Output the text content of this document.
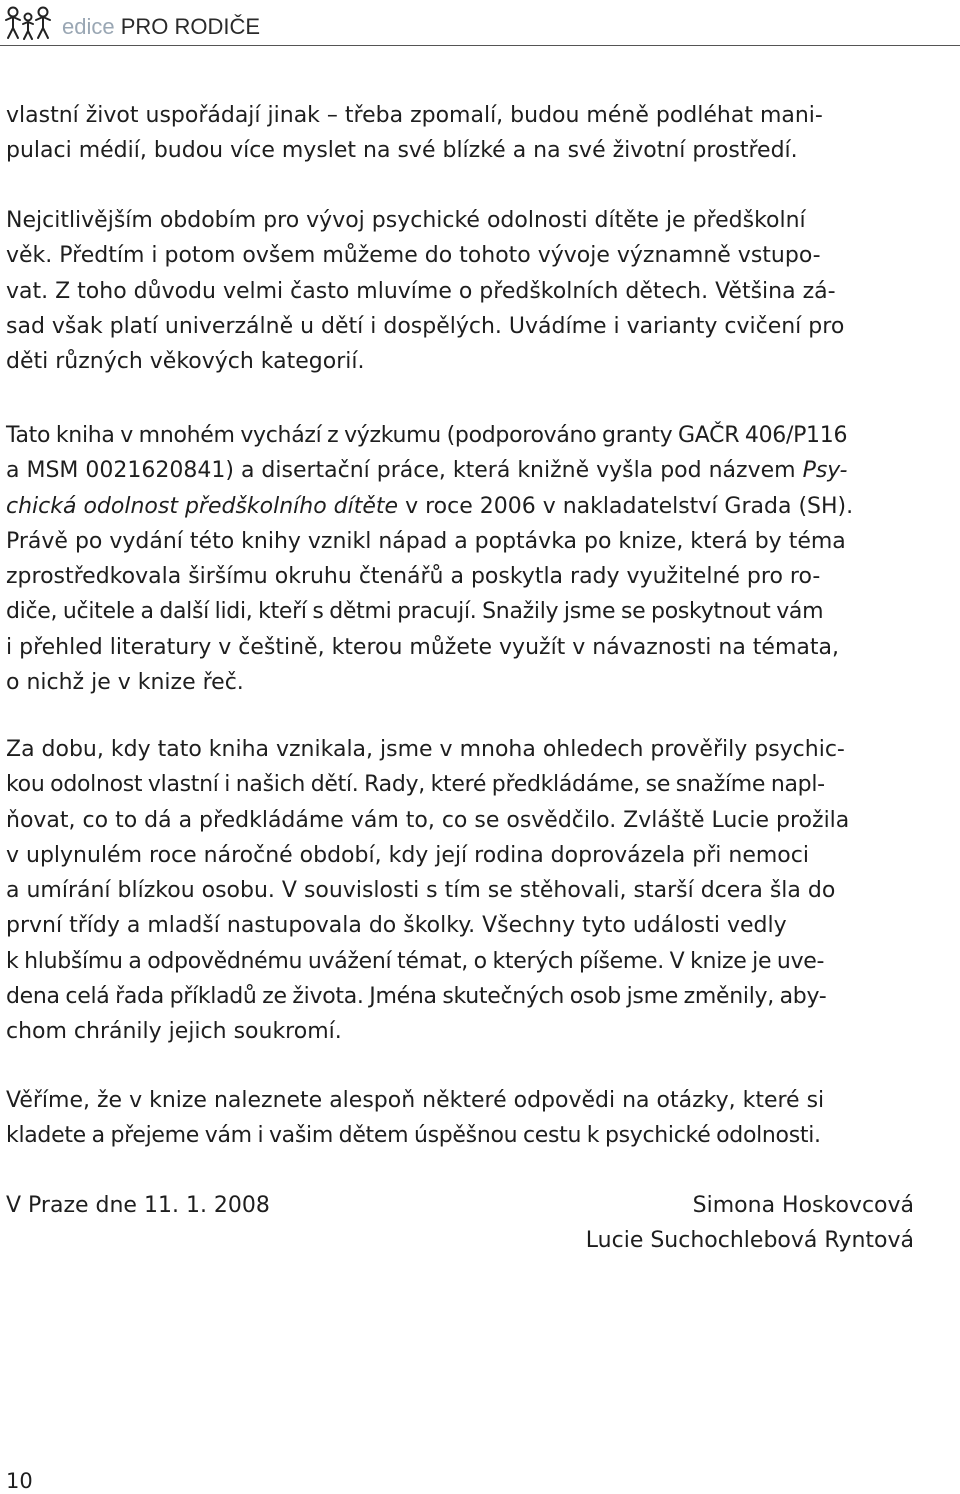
edice PRO RODIČE

vlastní život uspořádají jinak – třeba zpomalí, budou méně podléhat mani-
pulaci médií, budou více myslet na své blízké a na své životní prostředí.

Nejcitlivějším obdobím pro vývoj psychické odolnosti dítěte je předškolní
věk. Předtím i potom ovšem můžeme do tohoto vývoje významně vstupo-
vat. Z toho důvodu velmi často mluvíme o předškolních dětech. Většina zá-
sad však platí univerzálně u dětí i dospělých. Uvádíme i varianty cvičení pro
děti různých věkových kategorií.

Tato kniha v mnohém vychází z výzkumu (podporováno granty GAČR 406/P116
a MSM 0021620841) a disertační práce, která knižně vyšla pod názvem Psy-
chická odolnost předškolního dítěte v roce 2006 v nakladatelství Grada (SH).
Právě po vydání této knihy vznikl nápad a poptávka po knize, která by téma
zprostředkovala širšímu okruhu čtenářů a poskytla rady využitelné pro ro-
diče, učitele a další lidi, kteří s dětmi pracují. Snažily jsme se poskytnout vám
i přehled literatury v češtině, kterou můžete využít v návaznosti na témata,
o nichž je v knize řeč.

Za dobu, kdy tato kniha vznikala, jsme v mnoha ohledech prověřily psychic-
kou odolnost vlastní i našich dětí. Rady, které předkládáme, se snažíme napl-
ňovat, co to dá a předkládáme vám to, co se osvědčilo. Zvláště Lucie prožila
v uplynulém roce náročné období, kdy její rodina doprovázela při nemoci
a umírání blízkou osobu. V souvislosti s tím se stěhovali, starší dcera šla do
první třídy a mladší nastupovala do školky. Všechny tyto události vedly
k hlubšímu a odpovědnému uvážení témat, o kterých píšeme. V knize je uve-
dena celá řada příkladů ze života. Jména skutečných osob jsme změnily, aby-
chom chránily jejich soukromí.

Věříme, že v knize naleznete alespoň některé odpovědi na otázky, které si
kladete a přejeme vám i vašim dětem úspěšnou cestu k psychické odolnosti.

V Praze dne 11. 1. 2008	Simona Hoskovcová
Lucie Suchochlebová Ryntová
10
